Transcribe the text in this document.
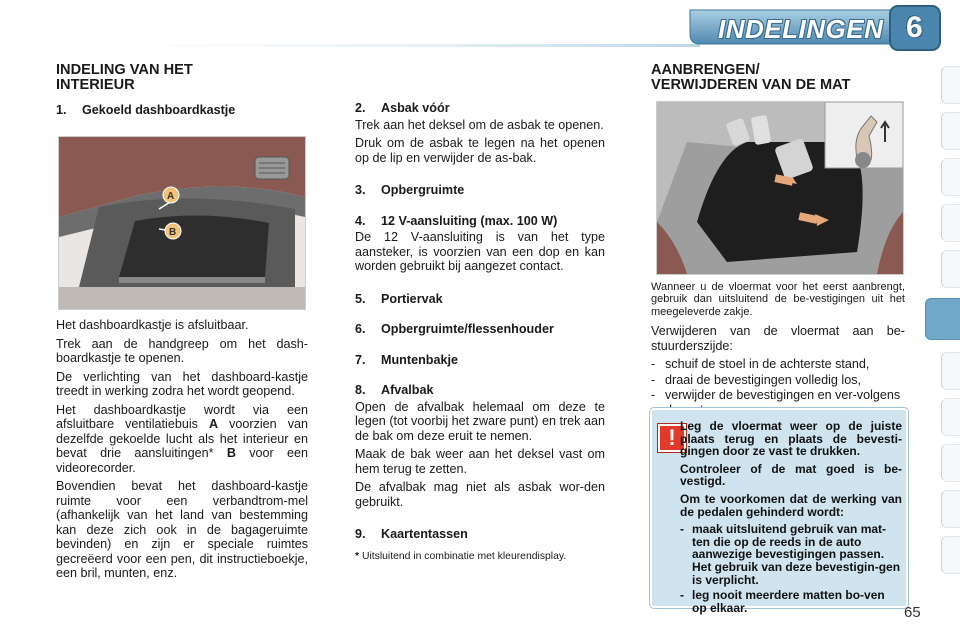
INDELINGEN 6
INDELING VAN HET
INTERIEUR
1. Gekoeld dashboardkastje
A
B

Het dashboardkastje is afsluitbaar.

Trek aan de handgreep om het dash-boardkastje te openen.

De verlichting van het dashboard-kastje treedt in werking zodra het wordt geopend.

Het dashboardkastje wordt via een afsluitbare ventilatiebuis A voorzien van dezelfde gekoelde lucht als het interieur en bevat drie aansluitingen* B voor een videorecorder.

Bovendien bevat het dashboard-kastje ruimte voor een verbandtrom-mel (afhankelijk van het land van bestemming kan deze zich ook in de bagageruimte bevinden) en zijn er speciale ruimtes gecreëerd voor een pen, dit instructieboekje, een bril, munten, enz.

2. Asbak vóór

Trek aan het deksel om de asbak te openen.

Druk om de asbak te legen na het openen op de lip en verwijder de as-bak.

3. Opbergruimte
4. 12 V-aansluiting (max. 100 W)

De 12 V-aansluiting is van het type aansteker, is voorzien van een dop en kan worden gebruikt bij aangezet contact.

5. Portiervak
6. Opbergruimte/flessenhouder
7. Muntenbakje
8. Afvalbak

Open de afvalbak helemaal om deze te legen (tot voorbij het zware punt) en trek aan de bak om deze eruit te nemen.

Maak de bak weer aan het deksel vast om hem terug te zetten.

De afvalbak mag niet als asbak wor-den gebruikt.

9. Kaartentassen
* Uitsluitend in combinatie met kleurendisplay.
AANBRENGEN/
VERWIJDEREN VAN DE MAT

Wanneer u de vloermat voor het eerst aanbrengt, gebruik dan uitsluitend de be-vestigingen uit het meegeleverde zakje.

Verwijderen van de vloermat aan be-stuurderszijde:

- schuif de stoel in de achterste stand,
- draai de bevestigingen volledig los,
- verwijder de bevestigingen en ver-volgens
! Leg de vloermat weer op de juiste plaats terug en plaats de bevesti-gingen door ze vast te drukken.

Controleer of de mat goed is be-vestigd.

Om te voorkomen dat de werking van de pedalen gehinderd wordt:

- maak uitsluitend gebruik van mat-ten die op de reeds in de auto aanwezige bevestigingen passen. Het gebruik van deze bevestigin-gen is verplicht.
- leg nooit meerdere matten bo-ven op elkaar.	65
